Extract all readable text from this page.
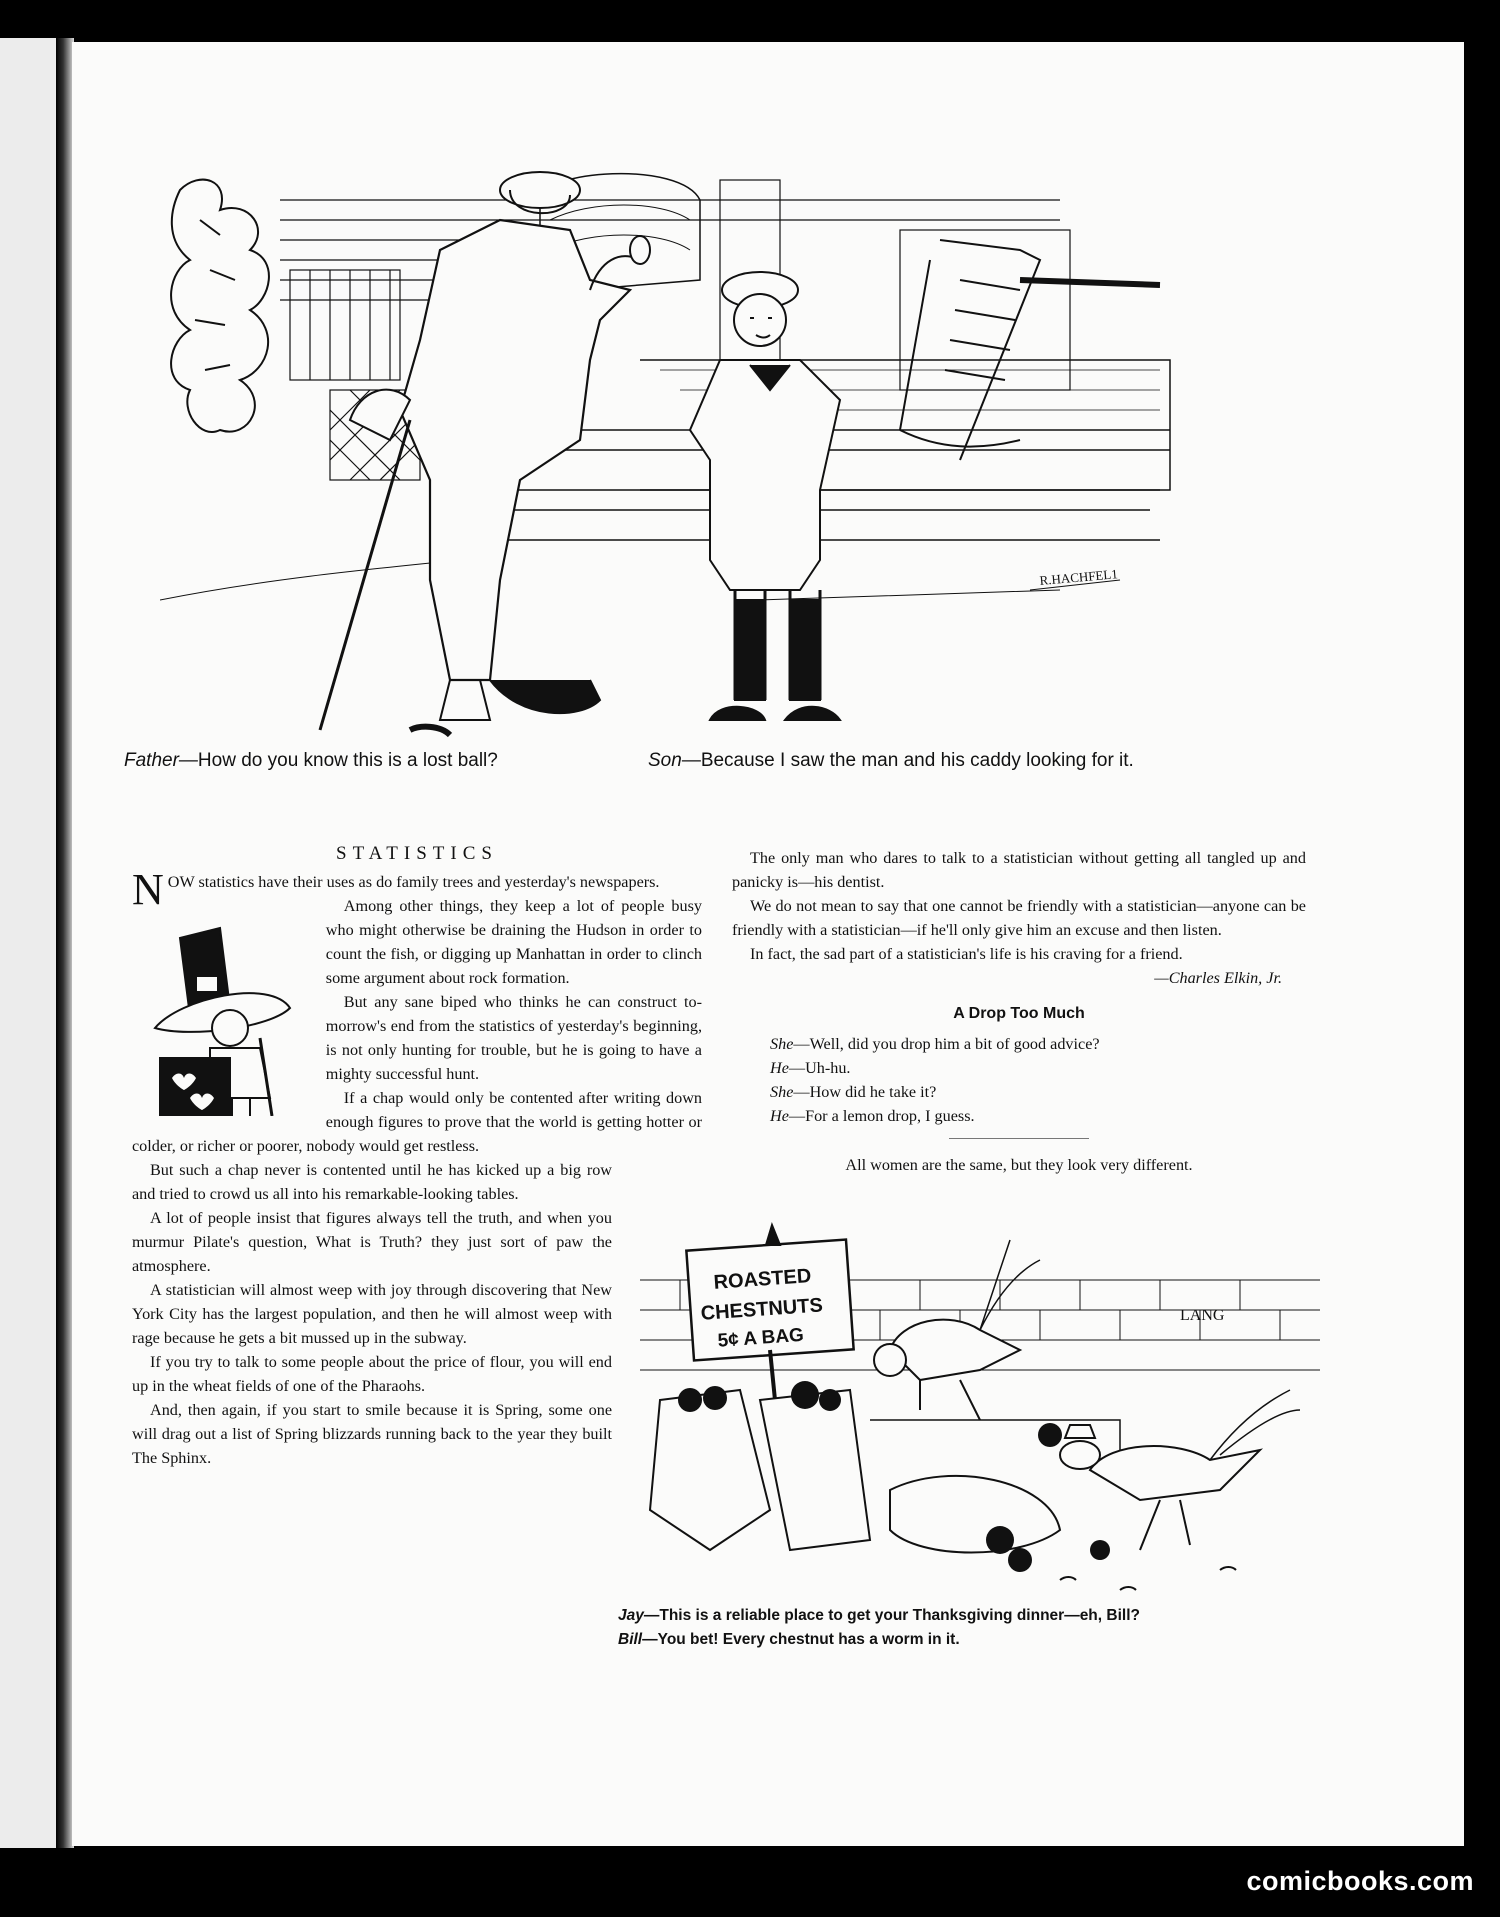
R.HACHFEL1
Father—How do you know this is a lost ball?	Son—Because I saw the man and his caddy looking for it.
STATISTICS

NOW statistics have their uses as do family trees and yesterday's newspapers.

Among other things, they keep a lot of people busy who might otherwise be draining the Hudson in order to count the fish, or digging up Manhattan in order to clinch some argument about rock formation.

But any sane biped who thinks he can construct to-morrow's end from the statistics of yesterday's beginning, is not only hunting for trouble, but he is going to have a mighty successful hunt.

If a chap would only be contented after writing down enough figures to prove that the world is getting hotter or colder, or richer or poorer, nobody would get restless.

But such a chap never is contented until he has kicked up a big row and tried to crowd us all into his remarkable-looking tables.

A lot of people insist that figures always tell the truth, and when you murmur Pilate's question, What is Truth? they just sort of paw the atmosphere.

A statistician will almost weep with joy through discovering that New York City has the largest population, and then he will almost weep with rage because he gets a bit mussed up in the subway.

If you try to talk to some people about the price of flour, you will end up in the wheat fields of one of the Pharaohs.

And, then again, if you start to smile because it is Spring, some one will drag out a list of Spring blizzards running back to the year they built The Sphinx.

The only man who dares to talk to a statistician without getting all tangled up and panicky is—his dentist.

We do not mean to say that one cannot be friendly with a statistician—anyone can be friendly with a statistician—if he'll only give him an excuse and then listen.

In fact, the sad part of a statistician's life is his craving for a friend.

—Charles Elkin, Jr.
A Drop Too Much

She—Well, did you drop him a bit of good advice?

He—Uh-hu.

She—How did he take it?

He—For a lemon drop, I guess.

All women are the same, but they look very different.

ROASTED
CHESTNUTS
5¢ A BAG
LANG
Jay—This is a reliable place to get your Thanksgiving dinner—eh, Bill?
Bill—You bet! Every chestnut has a worm in it.
comicbooks.com
